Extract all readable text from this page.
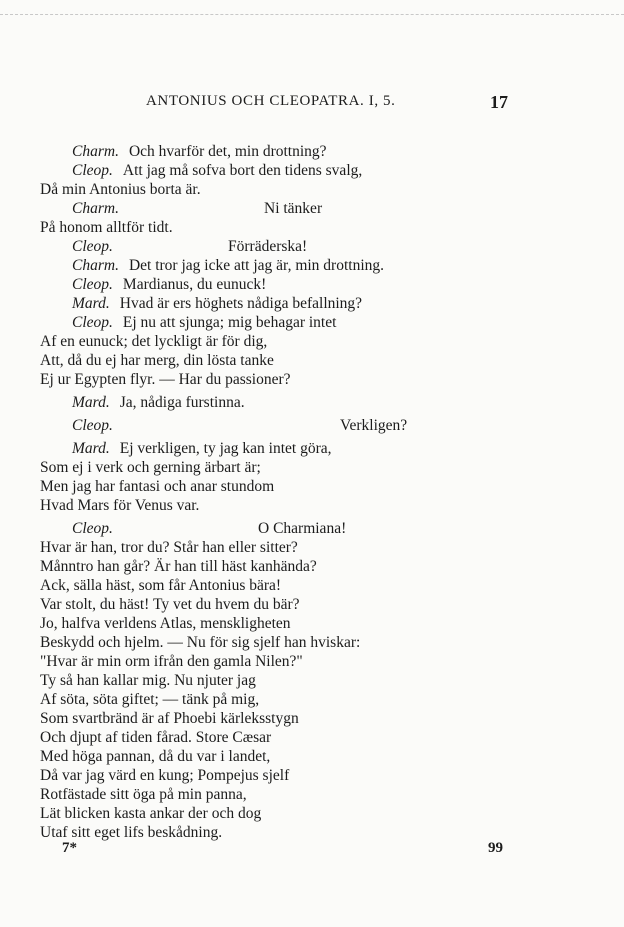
ANTONIUS OCH CLEOPATRA. I, 5.	17
Charm. Och hvarför det, min drottning?
Cleop. Att jag må sofva bort den tidens svalg,
Då min Antonius borta är.
Charm.	Ni tänker
På honom alltför tidt.
Cleop.	Förräderska!
Charm. Det tror jag icke att jag är, min drottning.
Cleop. Mardianus, du eunuck!
Mard. Hvad är ers höghets nådiga befallning?
Cleop. Ej nu att sjunga; mig behagar intet
Af en eunuck; det lyckligt är för dig,
Att, då du ej har merg, din lösta tanke
Ej ur Egypten flyr. — Har du passioner?
Mard. Ja, nådiga furstinna.
Cleop.	Verkligen?
Mard. Ej verkligen, ty jag kan intet göra,
Som ej i verk och gerning ärbart är;
Men jag har fantasi och anar stundom
Hvad Mars för Venus var.
Cleop.	O Charmiana!
Hvar är han, tror du? Står han eller sitter?
Månntro han går? Är han till häst kanhända?
Ack, sälla häst, som får Antonius bära!
Var stolt, du häst! Ty vet du hvem du bär?
Jo, halfva verldens Atlas, menskligheten
Beskydd och hjelm. — Nu för sig sjelf han hviskar:
"Hvar är min orm ifrån den gamla Nilen?"
Ty så han kallar mig. Nu njuter jag
Af söta, söta giftet; — tänk på mig,
Som svartbränd är af Phoebi kärleksstygn
Och djupt af tiden fårad. Store Cæsar
Med höga pannan, då du var i landet,
Då var jag värd en kung; Pompejus sjelf
Rotfästade sitt öga på min panna,
Lät blicken kasta ankar der och dog
Utaf sitt eget lifs beskådning.
7*	99
